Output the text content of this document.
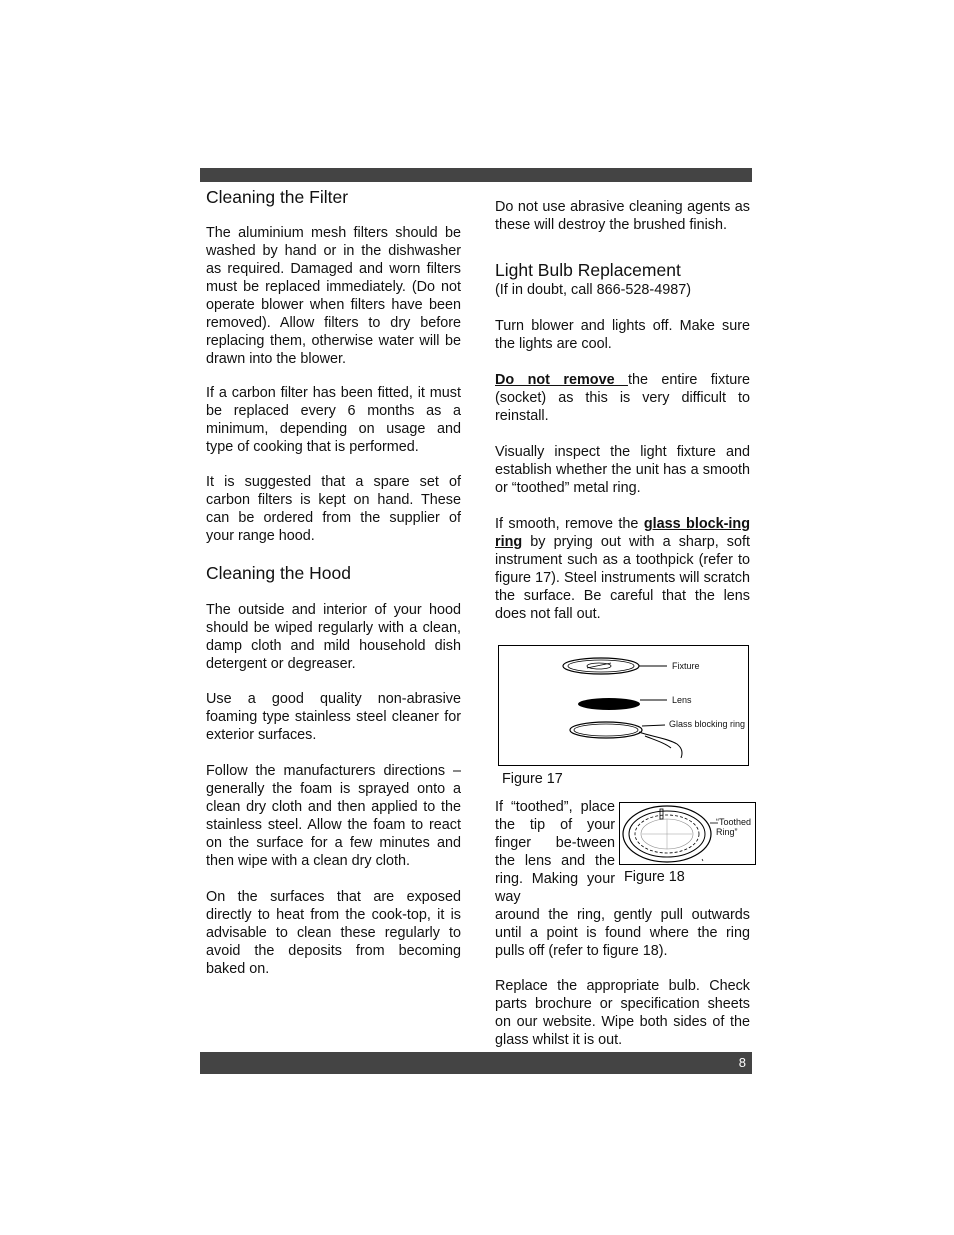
Cleaning the Filter

The aluminium mesh filters should be washed by hand or in the dishwasher as required. Damaged and worn filters must be replaced immediately. (Do not operate blower when filters have been removed). Allow filters to dry before replacing them, otherwise water will be drawn into the blower.

If a carbon filter has been fitted, it must be replaced every 6 months as a minimum, depending on usage and type of cooking that is performed.

It is suggested that a spare set of carbon filters is kept on hand. These can be ordered from the supplier of your range hood.

Cleaning the Hood

The outside and interior of your hood should be wiped regularly with a clean, damp cloth and mild household dish detergent or degreaser.

Use a good quality non-abrasive foaming type stainless steel cleaner for exterior surfaces.

Follow the manufacturers directions – generally the foam is sprayed onto a clean dry cloth and then applied to the stainless steel. Allow the foam to react on the surface for a few minutes and then wipe with a clean dry cloth.

On the surfaces that are exposed directly to heat from the cook-top, it is advisable to clean these regularly to avoid the deposits from becoming baked on.

Do not use abrasive cleaning agents as these will destroy the brushed finish.

Light Bulb Replacement

(If in doubt, call 866-528-4987)

Turn blower and lights off. Make sure the lights are cool.

Do not remove the entire fixture (socket) as this is very difficult to reinstall.

Visually inspect the light fixture and establish whether the unit has a smooth or “toothed” metal ring.

If smooth, remove the glass block-ing ring by prying out with a sharp, soft instrument such as a toothpick (refer to figure 17). Steel instruments will scratch the surface. Be careful that the lens does not fall out.

Fixture
Lens
Glass blocking ring
Figure 17

If “toothed”, place the tip of your finger be-tween the lens and the ring. Making your way

“Toothed Ring”
Figure 18

around the ring, gently pull outwards until a point is found where the ring pulls off (refer to figure 18).

Replace the appropriate bulb. Check parts brochure or specification sheets on our website. Wipe both sides of the glass whilst it is out.

8
